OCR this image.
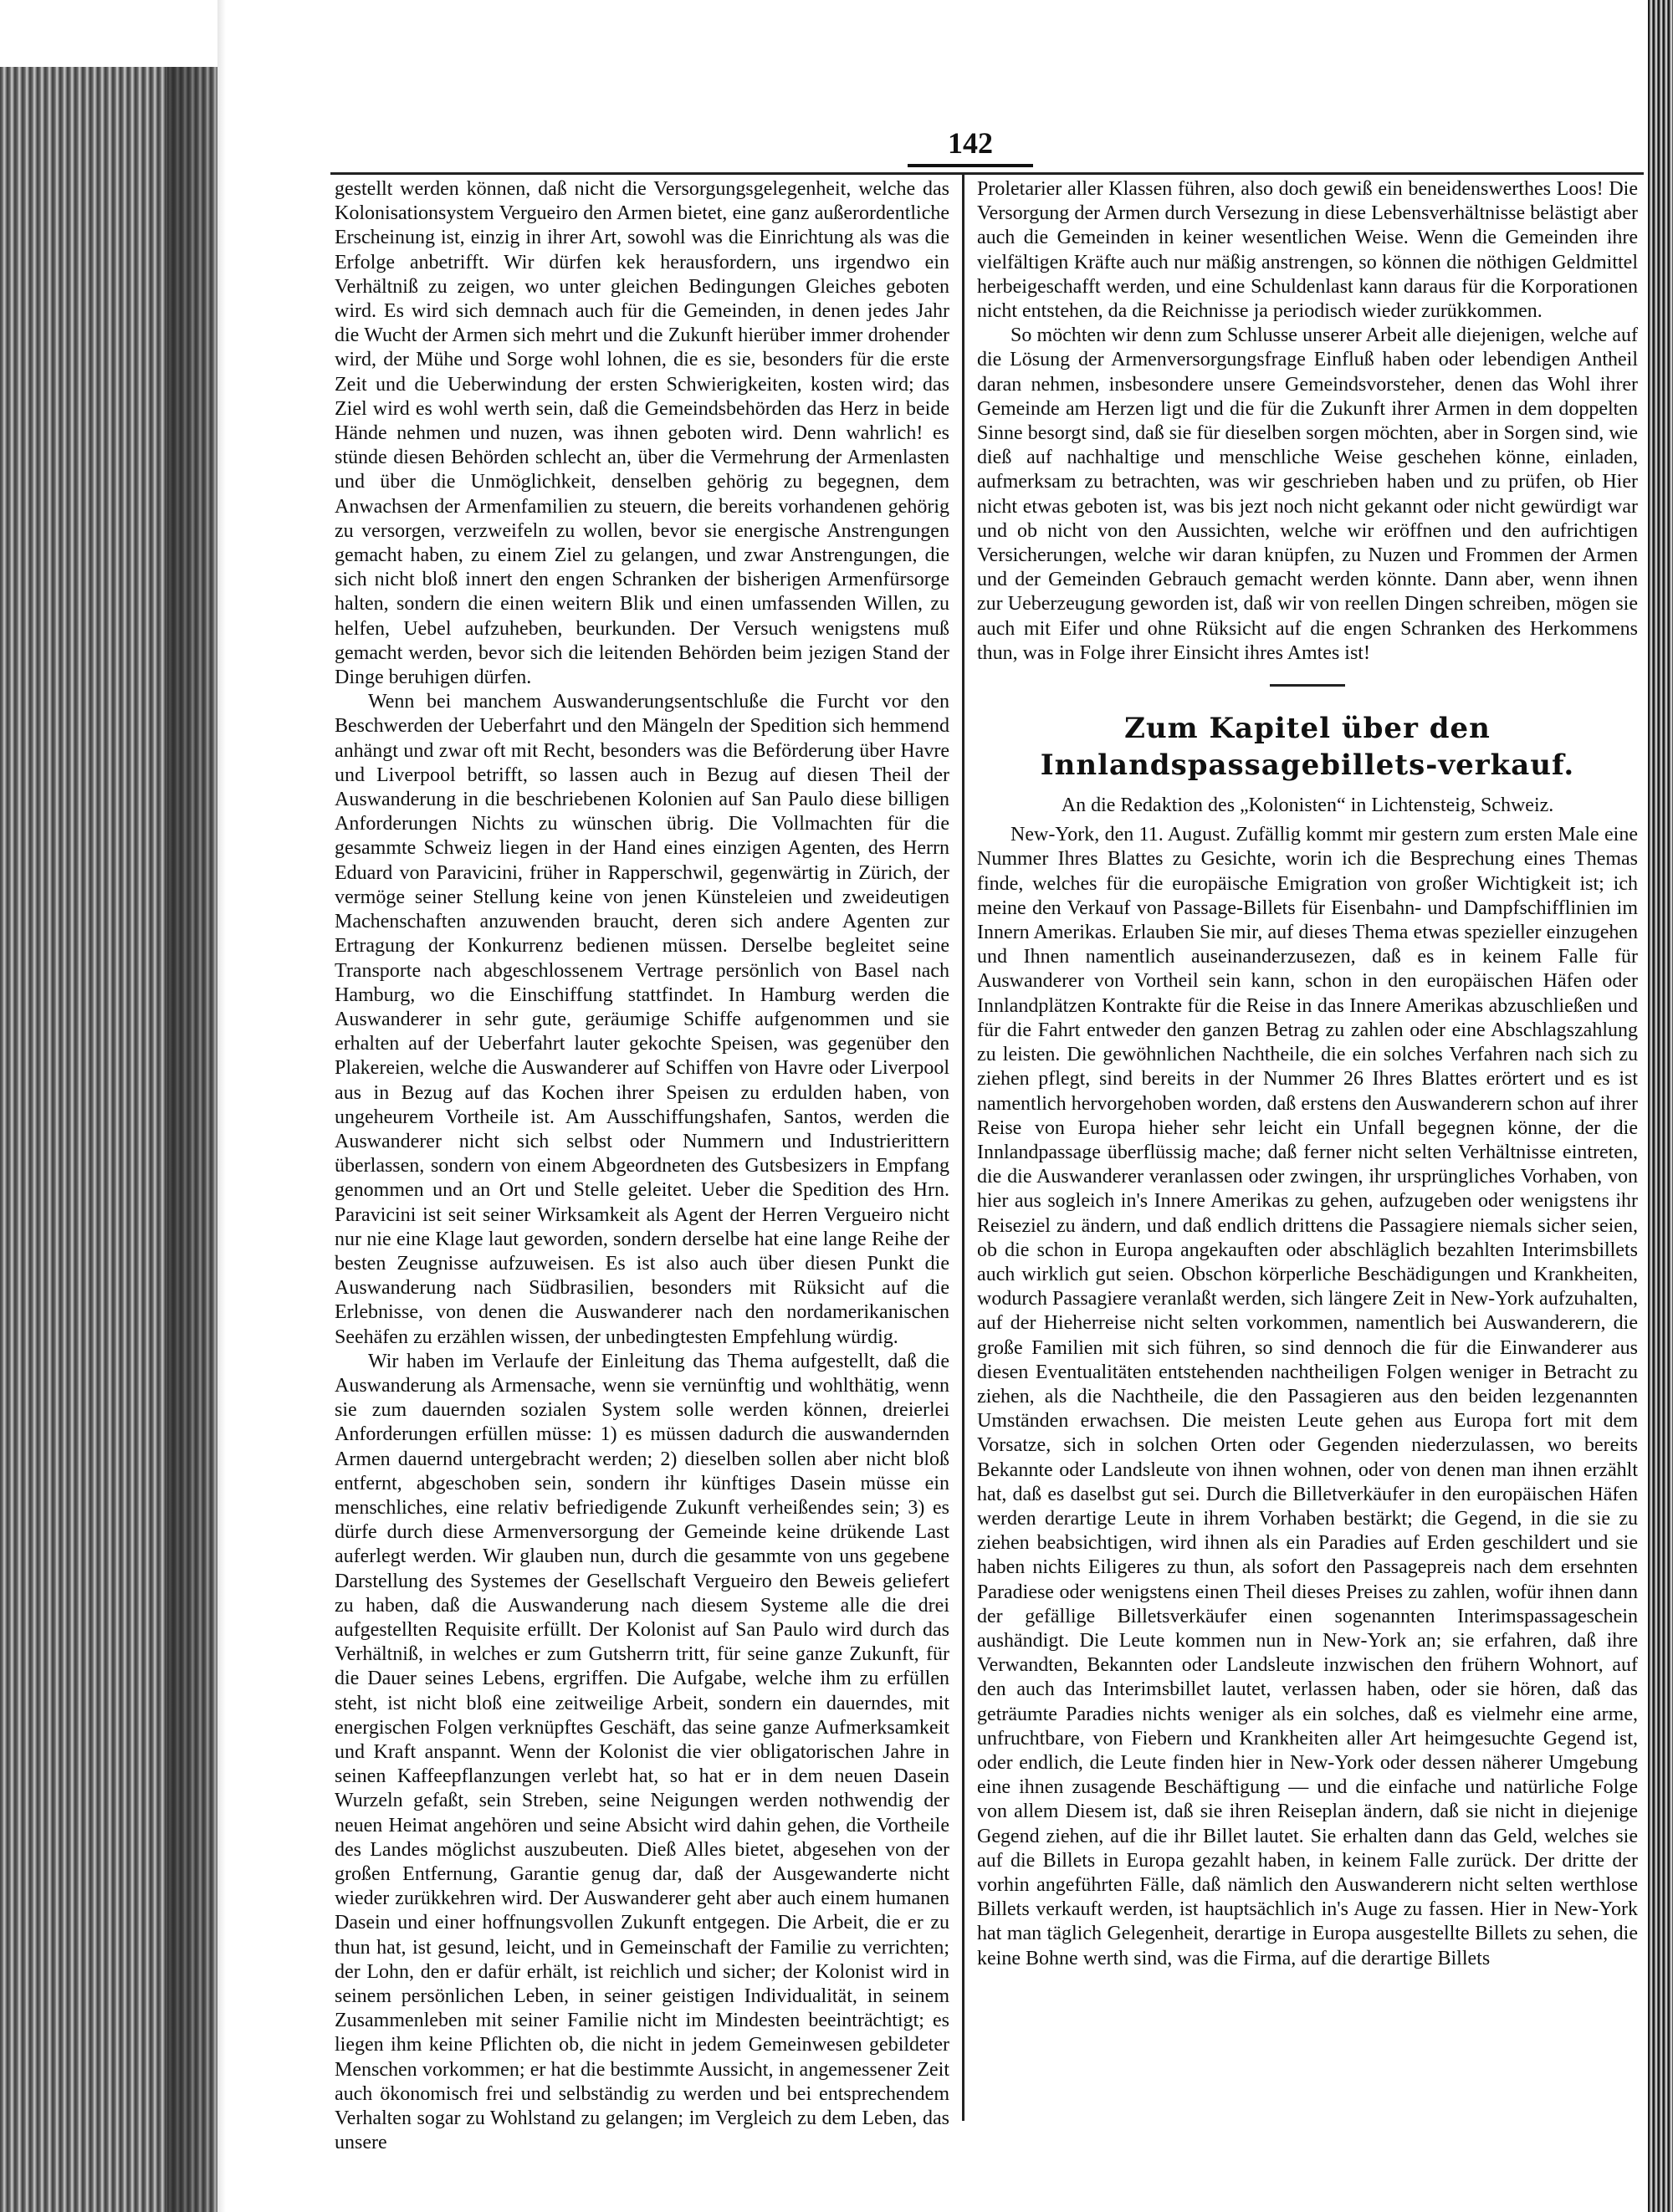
142

gestellt werden können, daß nicht die Versorgungsgelegenheit, welche das Kolonisationsystem Vergueiro den Armen bietet, eine ganz außerordentliche Erscheinung ist, einzig in ihrer Art, sowohl was die Einrichtung als was die Erfolge anbetrifft. Wir dürfen kek herausfordern, uns irgendwo ein Verhältniß zu zeigen, wo unter gleichen Bedingungen Gleiches geboten wird. Es wird sich demnach auch für die Gemeinden, in denen jedes Jahr die Wucht der Armen sich mehrt und die Zukunft hierüber immer drohender wird, der Mühe und Sorge wohl lohnen, die es sie, besonders für die erste Zeit und die Ueberwindung der ersten Schwierigkeiten, kosten wird; das Ziel wird es wohl werth sein, daß die Gemeindsbehörden das Herz in beide Hände nehmen und nuzen, was ihnen geboten wird. Denn wahrlich! es stünde diesen Behörden schlecht an, über die Vermehrung der Armenlasten und über die Unmöglichkeit, denselben gehörig zu begegnen, dem Anwachsen der Armenfamilien zu steuern, die bereits vorhandenen gehörig zu versorgen, verzweifeln zu wollen, bevor sie energische Anstrengungen gemacht haben, zu einem Ziel zu gelangen, und zwar Anstrengungen, die sich nicht bloß innert den engen Schranken der bisherigen Armenfürsorge halten, sondern die einen weitern Blik und einen umfassenden Willen, zu helfen, Uebel aufzuheben, beurkunden. Der Versuch wenigstens muß gemacht werden, bevor sich die leitenden Behörden beim jezigen Stand der Dinge beruhigen dürfen.

Wenn bei manchem Auswanderungsentschluße die Furcht vor den Beschwerden der Ueberfahrt und den Mängeln der Spedition sich hemmend anhängt und zwar oft mit Recht, besonders was die Beförderung über Havre und Liverpool betrifft, so lassen auch in Bezug auf diesen Theil der Auswanderung in die beschriebenen Kolonien auf San Paulo diese billigen Anforderungen Nichts zu wünschen übrig. Die Vollmachten für die gesammte Schweiz liegen in der Hand eines einzigen Agenten, des Herrn Eduard von Paravicini, früher in Rapperschwil, gegenwärtig in Zürich, der vermöge seiner Stellung keine von jenen Künsteleien und zweideutigen Machenschaften anzuwenden braucht, deren sich andere Agenten zur Ertragung der Konkurrenz bedienen müssen. Derselbe begleitet seine Transporte nach abgeschlossenem Vertrage persönlich von Basel nach Hamburg, wo die Einschiffung stattfindet. In Hamburg werden die Auswanderer in sehr gute, geräumige Schiffe aufgenommen und sie erhalten auf der Ueberfahrt lauter gekochte Speisen, was gegenüber den Plakereien, welche die Auswanderer auf Schiffen von Havre oder Liverpool aus in Bezug auf das Kochen ihrer Speisen zu erdulden haben, von ungeheurem Vortheile ist. Am Ausschiffungshafen, Santos, werden die Auswanderer nicht sich selbst oder Nummern und Industrierittern überlassen, sondern von einem Abgeordneten des Gutsbesizers in Empfang genommen und an Ort und Stelle geleitet. Ueber die Spedition des Hrn. Paravicini ist seit seiner Wirksamkeit als Agent der Herren Vergueiro nicht nur nie eine Klage laut geworden, sondern derselbe hat eine lange Reihe der besten Zeugnisse aufzuweisen. Es ist also auch über diesen Punkt die Auswanderung nach Südbrasilien, besonders mit Rüksicht auf die Erlebnisse, von denen die Auswanderer nach den nordamerikanischen Seehäfen zu erzählen wissen, der unbedingtesten Empfehlung würdig.

Wir haben im Verlaufe der Einleitung das Thema aufgestellt, daß die Auswanderung als Armensache, wenn sie vernünftig und wohlthätig, wenn sie zum dauernden sozialen System solle werden können, dreierlei Anforderungen erfüllen müsse: 1) es müssen dadurch die auswandernden Armen dauernd untergebracht werden; 2) dieselben sollen aber nicht bloß entfernt, abgeschoben sein, sondern ihr künftiges Dasein müsse ein menschliches, eine relativ befriedigende Zukunft verheißendes sein; 3) es dürfe durch diese Armenversorgung der Gemeinde keine drükende Last auferlegt werden. Wir glauben nun, durch die gesammte von uns gegebene Darstellung des Systemes der Gesellschaft Vergueiro den Beweis geliefert zu haben, daß die Auswanderung nach diesem Systeme alle die drei aufgestellten Requisite erfüllt. Der Kolonist auf San Paulo wird durch das Verhältniß, in welches er zum Gutsherrn tritt, für seine ganze Zukunft, für die Dauer seines Lebens, ergriffen. Die Aufgabe, welche ihm zu erfüllen steht, ist nicht bloß eine zeitweilige Arbeit, sondern ein dauerndes, mit energischen Folgen verknüpftes Geschäft, das seine ganze Aufmerksamkeit und Kraft anspannt. Wenn der Kolonist die vier obligatorischen Jahre in seinen Kaffeepflanzungen verlebt hat, so hat er in dem neuen Dasein Wurzeln gefaßt, sein Streben, seine Neigungen werden nothwendig der neuen Heimat angehören und seine Absicht wird dahin gehen, die Vortheile des Landes möglichst auszubeuten. Dieß Alles bietet, abgesehen von der großen Entfernung, Garantie genug dar, daß der Ausgewanderte nicht wieder zurükkehren wird. Der Auswanderer geht aber auch einem humanen Dasein und einer hoffnungsvollen Zukunft entgegen. Die Arbeit, die er zu thun hat, ist gesund, leicht, und in Gemeinschaft der Familie zu verrichten; der Lohn, den er dafür erhält, ist reichlich und sicher; der Kolonist wird in seinem persönlichen Leben, in seiner geistigen Individualität, in seinem Zusammenleben mit seiner Familie nicht im Mindesten beeinträchtigt; es liegen ihm keine Pflichten ob, die nicht in jedem Gemeinwesen gebildeter Menschen vorkommen; er hat die bestimmte Aussicht, in angemessener Zeit auch ökonomisch frei und selbständig zu werden und bei entsprechendem Verhalten sogar zu Wohlstand zu gelangen; im Vergleich zu dem Leben, das unsere

Proletarier aller Klassen führen, also doch gewiß ein beneidenswerthes Loos! Die Versorgung der Armen durch Versezung in diese Lebensverhältnisse belästigt aber auch die Gemeinden in keiner wesentlichen Weise. Wenn die Gemeinden ihre vielfältigen Kräfte auch nur mäßig anstrengen, so können die nöthigen Geldmittel herbeigeschafft werden, und eine Schuldenlast kann daraus für die Korporationen nicht entstehen, da die Reichnisse ja periodisch wieder zurükkommen.

So möchten wir denn zum Schlusse unserer Arbeit alle diejenigen, welche auf die Lösung der Armenversorgungsfrage Einfluß haben oder lebendigen Antheil daran nehmen, insbesondere unsere Gemeindsvorsteher, denen das Wohl ihrer Gemeinde am Herzen ligt und die für die Zukunft ihrer Armen in dem doppelten Sinne besorgt sind, daß sie für dieselben sorgen möchten, aber in Sorgen sind, wie dieß auf nachhaltige und menschliche Weise geschehen könne, einladen, aufmerksam zu betrachten, was wir geschrieben haben und zu prüfen, ob Hier nicht etwas geboten ist, was bis jezt noch nicht gekannt oder nicht gewürdigt war und ob nicht von den Aussichten, welche wir eröffnen und den aufrichtigen Versicherungen, welche wir daran knüpfen, zu Nuzen und Frommen der Armen und der Gemeinden Gebrauch gemacht werden könnte. Dann aber, wenn ihnen zur Ueberzeugung geworden ist, daß wir von reellen Dingen schreiben, mögen sie auch mit Eifer und ohne Rüksicht auf die engen Schranken des Herkommens thun, was in Folge ihrer Einsicht ihres Amtes ist!

Zum Kapitel über den Innlandspassagebillets-verkauf.
An die Redaktion des „Kolonisten“ in Lichtensteig, Schweiz.

New-York, den 11. August. Zufällig kommt mir gestern zum ersten Male eine Nummer Ihres Blattes zu Gesichte, worin ich die Besprechung eines Themas finde, welches für die europäische Emigration von großer Wichtigkeit ist; ich meine den Verkauf von Passage-Billets für Eisenbahn- und Dampfschifflinien im Innern Amerikas. Erlauben Sie mir, auf dieses Thema etwas spezieller einzugehen und Ihnen namentlich auseinanderzusezen, daß es in keinem Falle für Auswanderer von Vortheil sein kann, schon in den europäischen Häfen oder Innlandplätzen Kontrakte für die Reise in das Innere Amerikas abzuschließen und für die Fahrt entweder den ganzen Betrag zu zahlen oder eine Abschlagszahlung zu leisten. Die gewöhnlichen Nachtheile, die ein solches Verfahren nach sich zu ziehen pflegt, sind bereits in der Nummer 26 Ihres Blattes erörtert und es ist namentlich hervorgehoben worden, daß erstens den Auswanderern schon auf ihrer Reise von Europa hieher sehr leicht ein Unfall begegnen könne, der die Innlandpassage überflüssig mache; daß ferner nicht selten Verhältnisse eintreten, die die Auswanderer veranlassen oder zwingen, ihr ursprüngliches Vorhaben, von hier aus sogleich in's Innere Amerikas zu gehen, aufzugeben oder wenigstens ihr Reiseziel zu ändern, und daß endlich drittens die Passagiere niemals sicher seien, ob die schon in Europa angekauften oder abschläglich bezahlten Interimsbillets auch wirklich gut seien. Obschon körperliche Beschädigungen und Krankheiten, wodurch Passagiere veranlaßt werden, sich längere Zeit in New-York aufzuhalten, auf der Hieherreise nicht selten vorkommen, namentlich bei Auswanderern, die große Familien mit sich führen, so sind dennoch die für die Einwanderer aus diesen Eventualitäten entstehenden nachtheiligen Folgen weniger in Betracht zu ziehen, als die Nachtheile, die den Passagieren aus den beiden lezgenannten Umständen erwachsen. Die meisten Leute gehen aus Europa fort mit dem Vorsatze, sich in solchen Orten oder Gegenden niederzulassen, wo bereits Bekannte oder Landsleute von ihnen wohnen, oder von denen man ihnen erzählt hat, daß es daselbst gut sei. Durch die Billetverkäufer in den europäischen Häfen werden derartige Leute in ihrem Vorhaben bestärkt; die Gegend, in die sie zu ziehen beabsichtigen, wird ihnen als ein Paradies auf Erden geschildert und sie haben nichts Eiligeres zu thun, als sofort den Passagepreis nach dem ersehnten Paradiese oder wenigstens einen Theil dieses Preises zu zahlen, wofür ihnen dann der gefällige Billetsverkäufer einen sogenannten Interimspassageschein aushändigt. Die Leute kommen nun in New-York an; sie erfahren, daß ihre Verwandten, Bekannten oder Landsleute inzwischen den frühern Wohnort, auf den auch das Interimsbillet lautet, verlassen haben, oder sie hören, daß das geträumte Paradies nichts weniger als ein solches, daß es vielmehr eine arme, unfruchtbare, von Fiebern und Krankheiten aller Art heimgesuchte Gegend ist, oder endlich, die Leute finden hier in New-York oder dessen näherer Umgebung eine ihnen zusagende Beschäftigung — und die einfache und natürliche Folge von allem Diesem ist, daß sie ihren Reiseplan ändern, daß sie nicht in diejenige Gegend ziehen, auf die ihr Billet lautet. Sie erhalten dann das Geld, welches sie auf die Billets in Europa gezahlt haben, in keinem Falle zurück. Der dritte der vorhin angeführten Fälle, daß nämlich den Auswanderern nicht selten werthlose Billets verkauft werden, ist hauptsächlich in's Auge zu fassen. Hier in New-York hat man täglich Gelegenheit, derartige in Europa ausgestellte Billets zu sehen, die keine Bohne werth sind, was die Firma, auf die derartige Billets
